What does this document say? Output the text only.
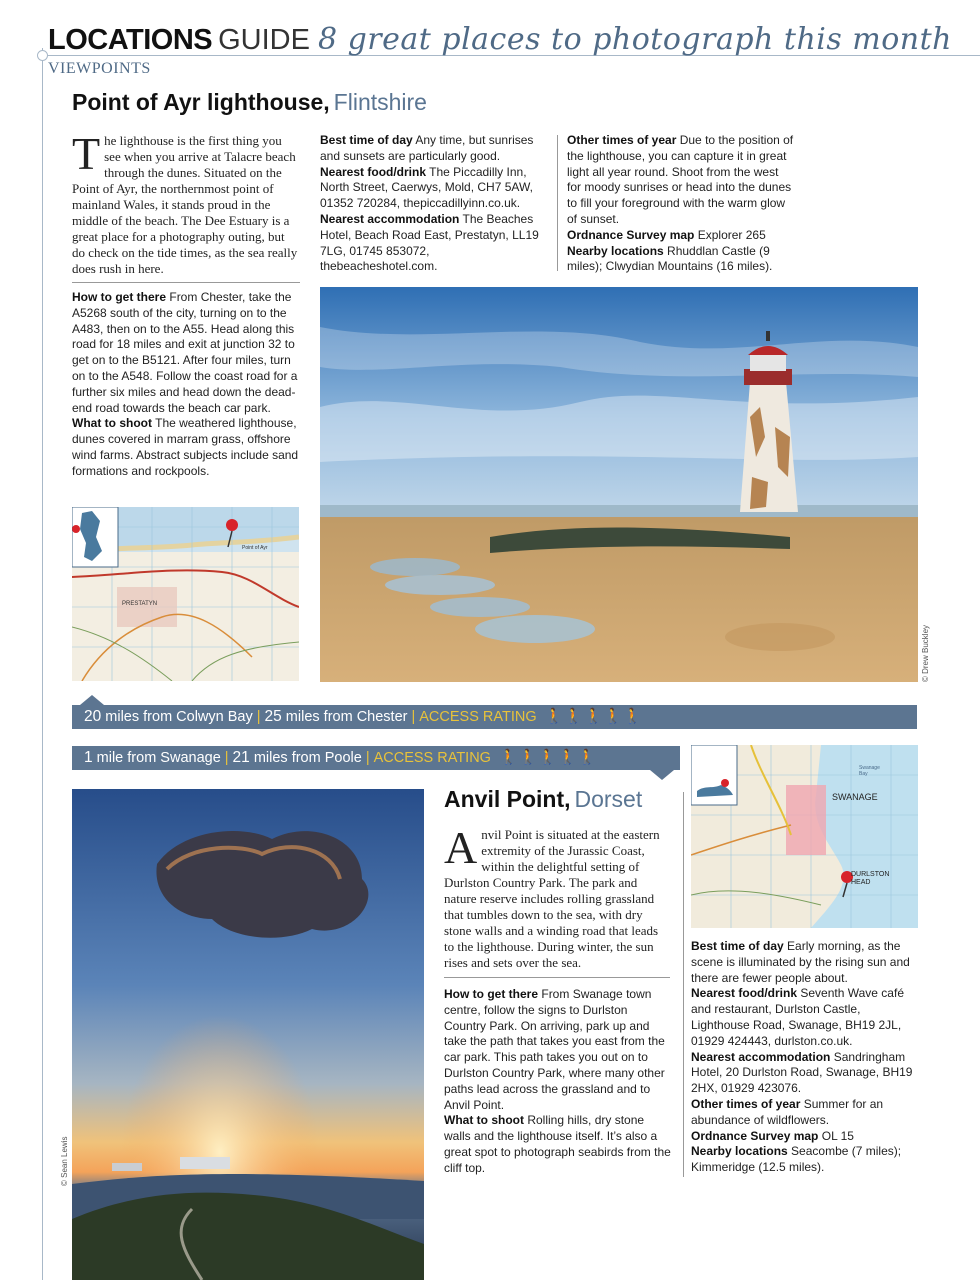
LOCATIONS GUIDE 8 great places to photograph this month
VIEWPOINTS
Point of Ayr lighthouse, Flintshire
The lighthouse is the first thing you see when you arrive at Talacre beach through the dunes. Situated on the Point of Ayr, the northernmost point of mainland Wales, it stands proud in the middle of the beach. The Dee Estuary is a great place for a photography outing, but do check on the tide times, as the sea really does rush in here.
How to get there From Chester, take the A5268 south of the city, turning on to the A483, then on to the A55. Head along this road for 18 miles and exit at junction 32 to get on to the B5121. After four miles, turn on to the A548. Follow the coast road for a further six miles and head down the dead-end road towards the beach car park.
What to shoot The weathered lighthouse, dunes covered in marram grass, offshore wind farms. Abstract subjects include sand formations and rockpools.
Best time of day Any time, but sunrises and sunsets are particularly good.
Nearest food/drink The Piccadilly Inn, North Street, Caerwys, Mold, CH7 5AW, 01352 720284, thepiccadillyinn.co.uk.
Nearest accommodation The Beaches Hotel, Beach Road East, Prestatyn, LL19 7LG, 01745 853072, thebeacheshotel.com.
Other times of year Due to the position of the lighthouse, you can capture it in great light all year round. Shoot from the west for moody sunrises or head into the dunes to fill your foreground with the warm glow of sunset.
Ordnance Survey map Explorer 265
Nearby locations Rhuddlan Castle (9 miles); Clwydian Mountains (16 miles).
PRESTATYN
Point of Ayr
© Drew Buckley
20 miles from Colwyn Bay | 25 miles from Chester | ACCESS RATING 🚶🚶🚶🚶🚶
1 mile from Swanage | 21 miles from Poole | ACCESS RATING 🚶🚶🚶🚶🚶
SWANAGE
DURLSTON HEAD
Swanage Bay
© Sean Lewis
Anvil Point, Dorset
Anvil Point is situated at the eastern extremity of the Jurassic Coast, within the delightful setting of Durlston Country Park. The park and nature reserve includes rolling grassland that tumbles down to the sea, with dry stone walls and a winding road that leads to the lighthouse. During winter, the sun rises and sets over the sea.
How to get there From Swanage town centre, follow the signs to Durlston Country Park. On arriving, park up and take the path that takes you east from the car park. This path takes you out on to Durlston Country Park, where many other paths lead across the grassland and to Anvil Point.
What to shoot Rolling hills, dry stone walls and the lighthouse itself. It’s also a great spot to photograph seabirds from the cliff top.
Best time of day Early morning, as the scene is illuminated by the rising sun and there are fewer people about.
Nearest food/drink Seventh Wave café and restaurant, Durlston Castle, Lighthouse Road, Swanage, BH19 2JL, 01929 424443, durlston.co.uk.
Nearest accommodation Sandringham Hotel, 20 Durlston Road, Swanage, BH19 2HX, 01929 423076.
Other times of year Summer for an abundance of wildflowers.
Ordnance Survey map OL 15
Nearby locations Seacombe (7 miles); Kimmeridge (12.5 miles).
